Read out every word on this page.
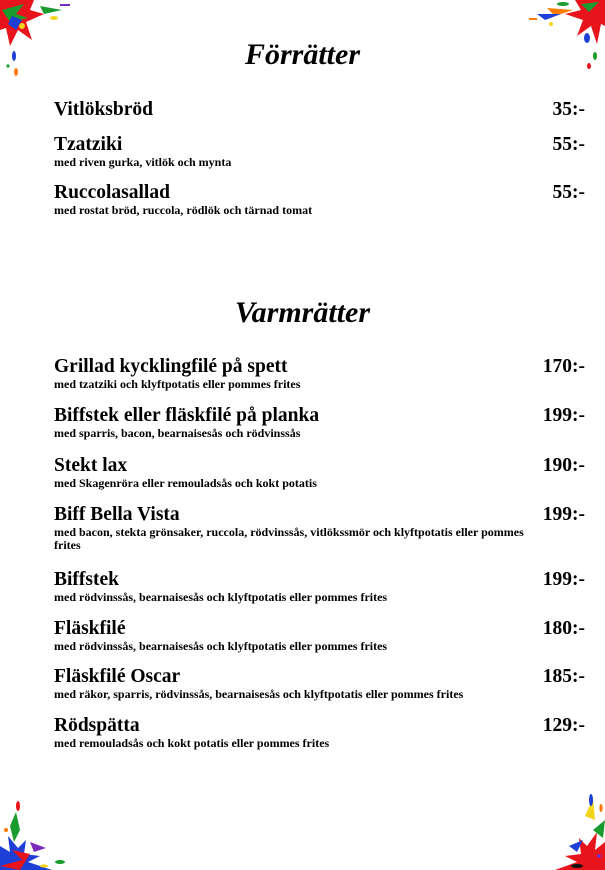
Förrätter
Vitlöksbröd	35:-
Tzatziki	55:-
med riven gurka, vitlök och mynta
Ruccolasallad	55:-
med rostat bröd, ruccola, rödlök och tärnad tomat
Varmrätter
Grillad kycklingfilé på spett	170:-
med tzatziki och klyftpotatis eller pommes frites
Biffstek eller fläskfilé på planka	199:-
med sparris, bacon, bearnaisesås och rödvinssås
Stekt lax	190:-
med Skagenröra eller remouladsås och kokt potatis
Biff Bella Vista	199:-
med bacon, stekta grönsaker, ruccola, rödvinssås, vitlökssmör och klyftpotatis eller pommes frites
Biffstek	199:-
med rödvinssås, bearnaisesås och klyftpotatis eller pommes frites
Fläskfilé	180:-
med rödvinssås, bearnaisesås och klyftpotatis eller pommes frites
Fläskfilé Oscar	185:-
med räkor, sparris, rödvinssås, bearnaisesås och klyftpotatis eller pommes frites
Rödspätta	129:-
med remouladsås och kokt potatis eller pommes frites
